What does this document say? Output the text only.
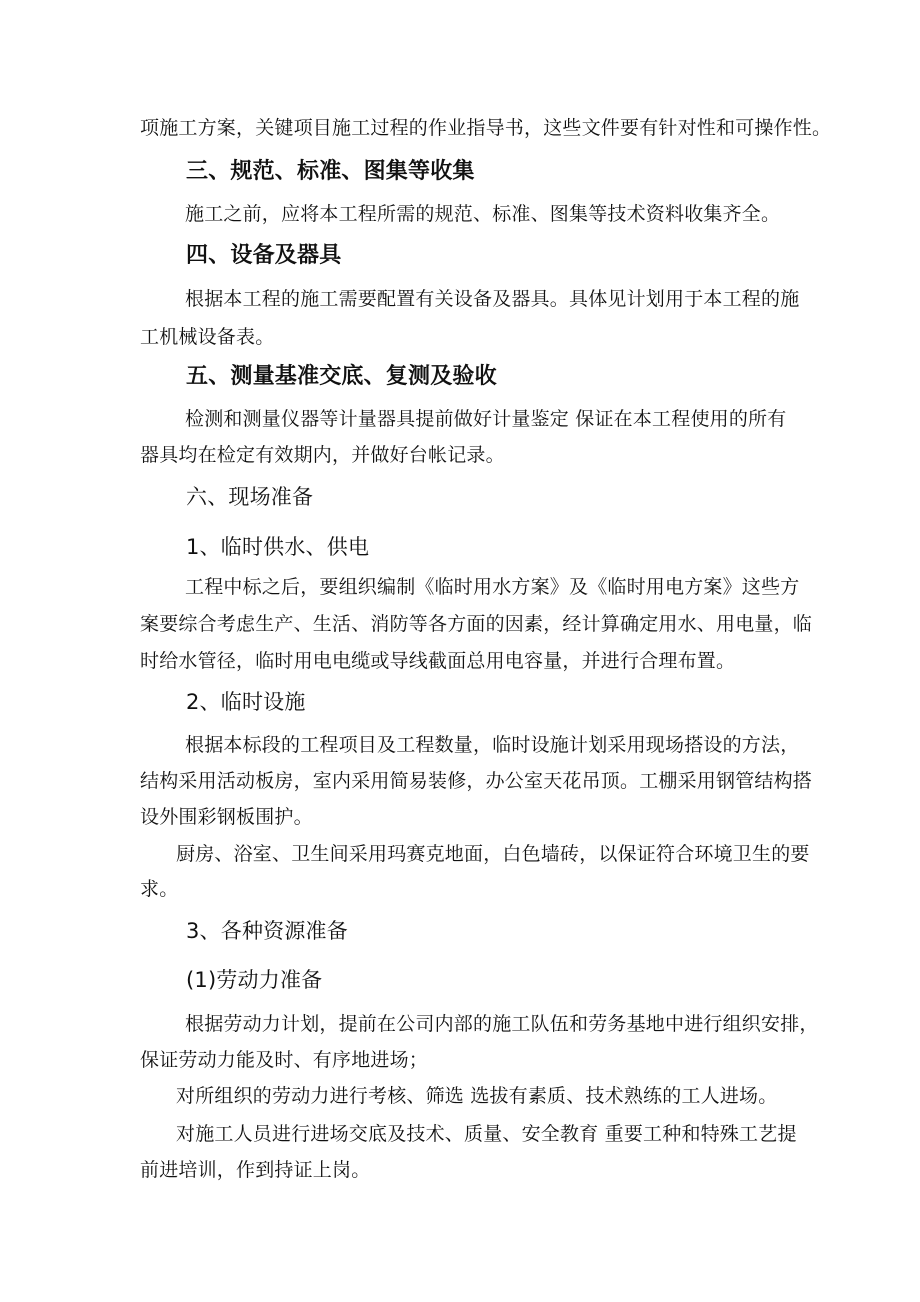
项施工方案，关键项目施工过程的作业指导书，这些文件要有针对性和可操作性。
三、规范、标准、图集等收集
施工之前，应将本工程所需的规范、标准、图集等技术资料收集齐全。
四、设备及器具
根据本工程的施工需要配置有关设备及器具。具体见计划用于本工程的施
工机械设备表。
五、测量基准交底、复测及验收
检测和测量仪器等计量器具提前做好计量鉴定 保证在本工程使用的所有
器具均在检定有效期内，并做好台帐记录。
六、现场准备
1、临时供水、供电
工程中标之后，要组织编制《临时用水方案》及《临时用电方案》这些方
案要综合考虑生产、生活、消防等各方面的因素，经计算确定用水、用电量，临
时给水管径，临时用电电缆或导线截面总用电容量，并进行合理布置。
2、临时设施
根据本标段的工程项目及工程数量，临时设施计划采用现场搭设的方法，
结构采用活动板房，室内采用简易装修，办公室天花吊顶。工棚采用钢管结构搭
设外围彩钢板围护。
厨房、浴室、卫生间采用玛赛克地面，白色墙砖，以保证符合环境卫生的要
求。
3、各种资源准备
(1)劳动力准备
根据劳动力计划，提前在公司内部的施工队伍和劳务基地中进行组织安排，
保证劳动力能及时、有序地进场；
对所组织的劳动力进行考核、筛选 选拔有素质、技术熟练的工人进场。
对施工人员进行进场交底及技术、质量、安全教育 重要工种和特殊工艺提
前进培训，作到持证上岗。
